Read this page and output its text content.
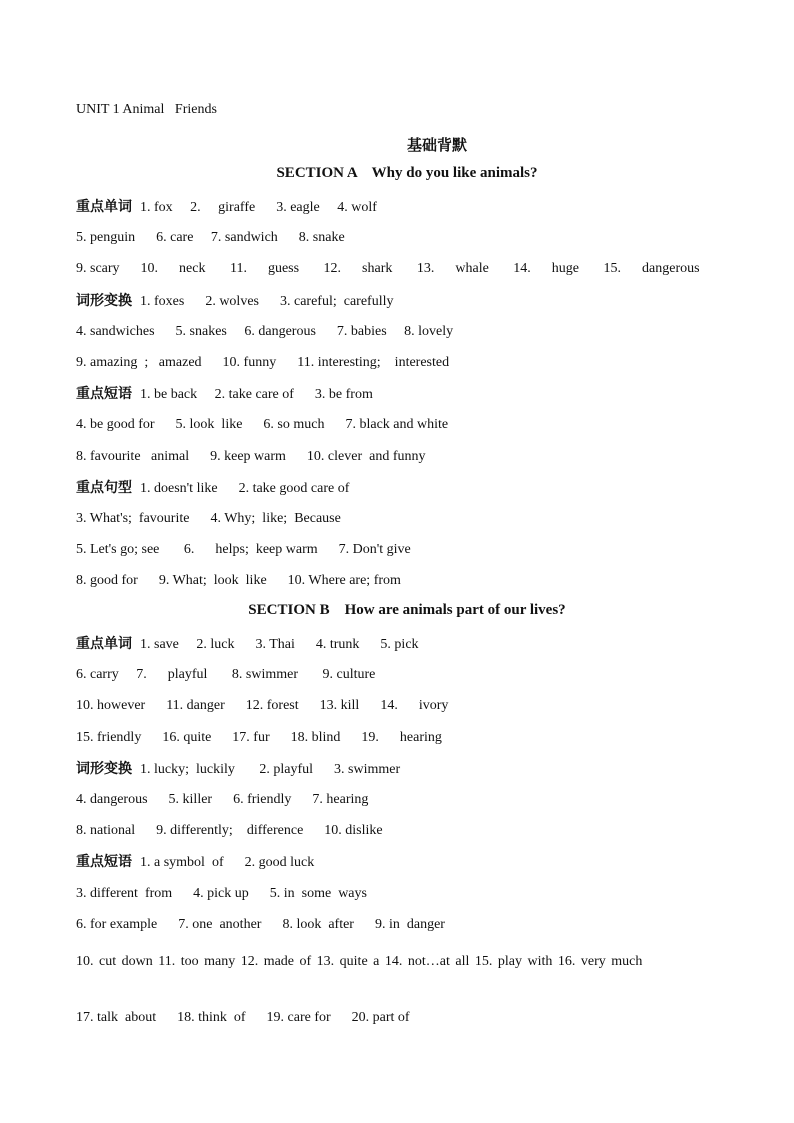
UNIT 1 Animal   Friends
基础背默
SECTION A    Why do you like animals?
重点单词 1. fox     2.     giraffe      3. eagle     4. wolf
5. penguin      6. care     7. sandwich      8. snake
9. scary      10.      neck       11.      guess       12.      shark       13.      whale       14.      huge       15.      dangerous
词形变换 1. foxes      2. wolves      3. careful;  carefully
4. sandwiches      5. snakes     6. dangerous      7. babies     8. lovely
9. amazing  ;   amazed      10. funny      11. interesting;    interested
重点短语 1. be back     2. take care of      3. be from
4. be good for      5. look  like      6. so much      7. black and white
8. favourite   animal      9. keep warm      10. clever  and funny
重点句型 1. doesn't like      2. take good care of
3. What's;  favourite      4. Why;  like;  Because
5. Let's go; see       6.      helps;  keep warm      7. Don't give
8. good for      9. What;  look  like      10. Where are; from
SECTION B    How are animals part of our lives?
重点单词 1. save     2. luck      3. Thai      4. trunk      5. pick
6. carry     7.      playful       8. swimmer       9. culture
10. however      11. danger      12. forest      13. kill      14.      ivory
15. friendly      16. quite      17. fur      18. blind      19.      hearing
词形变换 1. lucky;  luckily       2. playful      3. swimmer
4. dangerous      5. killer      6. friendly      7. hearing
8. national      9. differently;    difference      10. dislike
重点短语 1. a symbol  of      2. good luck
3. different  from      4. pick up      5. in  some  ways
6. for example      7. one  another      8. look  after      9. in  danger
10. cut down 11. too many 12. made of 13. quite a 14. not…at all 15. play with 16. very much
17. talk  about      18. think  of      19. care for      20. part of
